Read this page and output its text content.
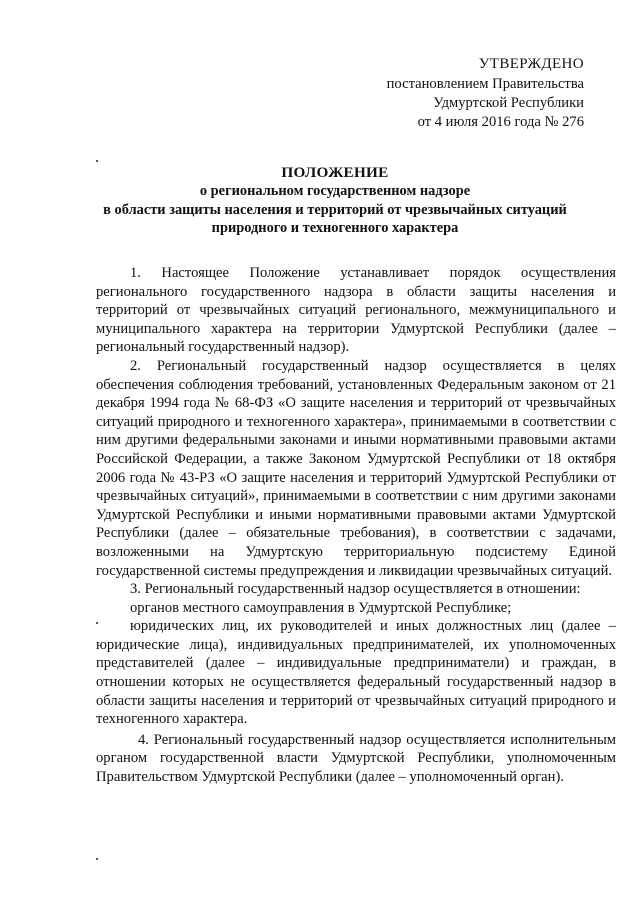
УТВЕРЖДЕНО
постановлением Правительства
Удмуртской Республики
от 4 июля 2016 года № 276
ПОЛОЖЕНИЕ
о региональном государственном надзоре
в области защиты населения и территорий от чрезвычайных ситуаций
природного и техногенного характера

1. Настоящее Положение устанавливает порядок осуществления регионального государственного надзора в области защиты населения и территорий от чрезвычайных ситуаций регионального, межмуниципального и муниципального характера на территории Удмуртской Республики (далее – региональный государственный надзор).

2. Региональный государственный надзор осуществляется в целях обеспечения соблюдения требований, установленных Федеральным законом от 21 декабря 1994 года № 68-ФЗ «О защите населения и территорий от чрезвычайных ситуаций природного и техногенного характера», принимаемыми в соответствии с ним другими федеральными законами и иными нормативными правовыми актами Российской Федерации, а также Законом Удмуртской Республики от 18 октября 2006 года № 43-РЗ «О защите населения и территорий Удмуртской Республики от чрезвычайных ситуаций», принимаемыми в соответствии с ним другими законами Удмуртской Республики и иными нормативными правовыми актами Удмуртской Республики (далее – обязательные требования), в соответствии с задачами, возложенными на Удмуртскую территориальную подсистему Единой государственной системы предупреждения и ликвидации чрезвычайных ситуаций.

3. Региональный государственный надзор осуществляется в отношении:

органов местного самоуправления в Удмуртской Республике;

юридических лиц, их руководителей и иных должностных лиц (далее – юридические лица), индивидуальных предпринимателей, их уполномоченных представителей (далее – индивидуальные предприниматели) и граждан, в отношении которых не осуществляется федеральный государственный надзор в области защиты населения и территорий от чрезвычайных ситуаций природного и техногенного характера.

4. Региональный государственный надзор осуществляется исполнительным органом государственной власти Удмуртской Республики, уполномоченным Правительством Удмуртской Республики (далее – уполномоченный орган).
